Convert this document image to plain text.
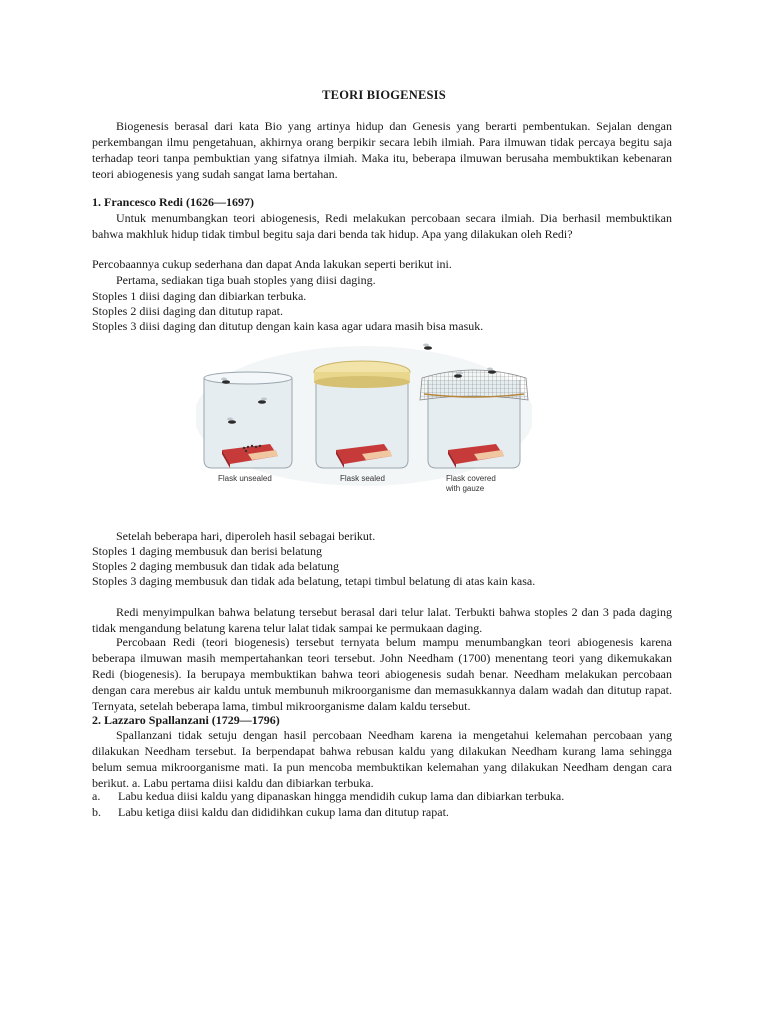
TEORI BIOGENESIS

Biogenesis berasal dari kata Bio yang artinya hidup dan Genesis yang berarti pembentukan. Sejalan dengan perkembangan ilmu pengetahuan, akhirnya orang berpikir secara lebih ilmiah. Para ilmuwan tidak percaya begitu saja terhadap teori tanpa pembuktian yang sifatnya ilmiah. Maka itu, beberapa ilmuwan berusaha membuktikan kebenaran teori abiogenesis yang sudah sangat lama bertahan.

1. Francesco Redi (1626—1697)

Untuk menumbangkan teori abiogenesis, Redi melakukan percobaan secara ilmiah. Dia berhasil membuktikan bahwa makhluk hidup tidak timbul begitu saja dari benda tak hidup. Apa yang dilakukan oleh Redi?

Percobaannya cukup sederhana dan dapat Anda lakukan seperti berikut ini.

Pertama, sediakan tiga buah stoples yang diisi daging.

Stoples 1 diisi daging dan dibiarkan terbuka.

Stoples 2 diisi daging dan ditutup rapat.

Stoples 3 diisi daging dan ditutup dengan kain kasa agar udara masih bisa masuk.

Flask unsealed	Flask sealed	Flask covered
with gauze

Setelah beberapa hari, diperoleh hasil sebagai berikut.

Stoples 1 daging membusuk dan berisi belatung

Stoples 2 daging membusuk dan tidak ada belatung

Stoples 3 daging membusuk dan tidak ada belatung, tetapi timbul belatung di atas kain kasa.

Redi menyimpulkan bahwa belatung tersebut berasal dari telur lalat. Terbukti bahwa stoples 2 dan 3 pada daging tidak mengandung belatung karena telur lalat tidak sampai ke permukaan daging.

Percobaan Redi (teori biogenesis) tersebut ternyata belum mampu menumbangkan teori abiogenesis karena beberapa ilmuwan masih mempertahankan teori tersebut. John Needham (1700) menentang teori yang dikemukakan Redi (biogenesis). Ia berupaya membuktikan bahwa teori abiogenesis sudah benar. Needham melakukan percobaan dengan cara merebus air kaldu untuk membunuh mikroorganisme dan memasukkannya dalam wadah dan ditutup rapat. Ternyata, setelah beberapa lama, timbul mikroorganisme dalam kaldu tersebut.

2. Lazzaro Spallanzani (1729—1796)

Spallanzani tidak setuju dengan hasil percobaan Needham karena ia mengetahui kelemahan percobaan yang dilakukan Needham tersebut. Ia berpendapat bahwa rebusan kaldu yang dilakukan Needham kurang lama sehingga belum semua mikroorganisme mati. Ia pun mencoba membuktikan kelemahan yang dilakukan Needham dengan cara berikut. a. Labu pertama diisi kaldu dan dibiarkan terbuka.

a. Labu kedua diisi kaldu yang dipanaskan hingga mendidih cukup lama dan dibiarkan terbuka.

b. Labu ketiga diisi kaldu dan dididihkan cukup lama dan ditutup rapat.
